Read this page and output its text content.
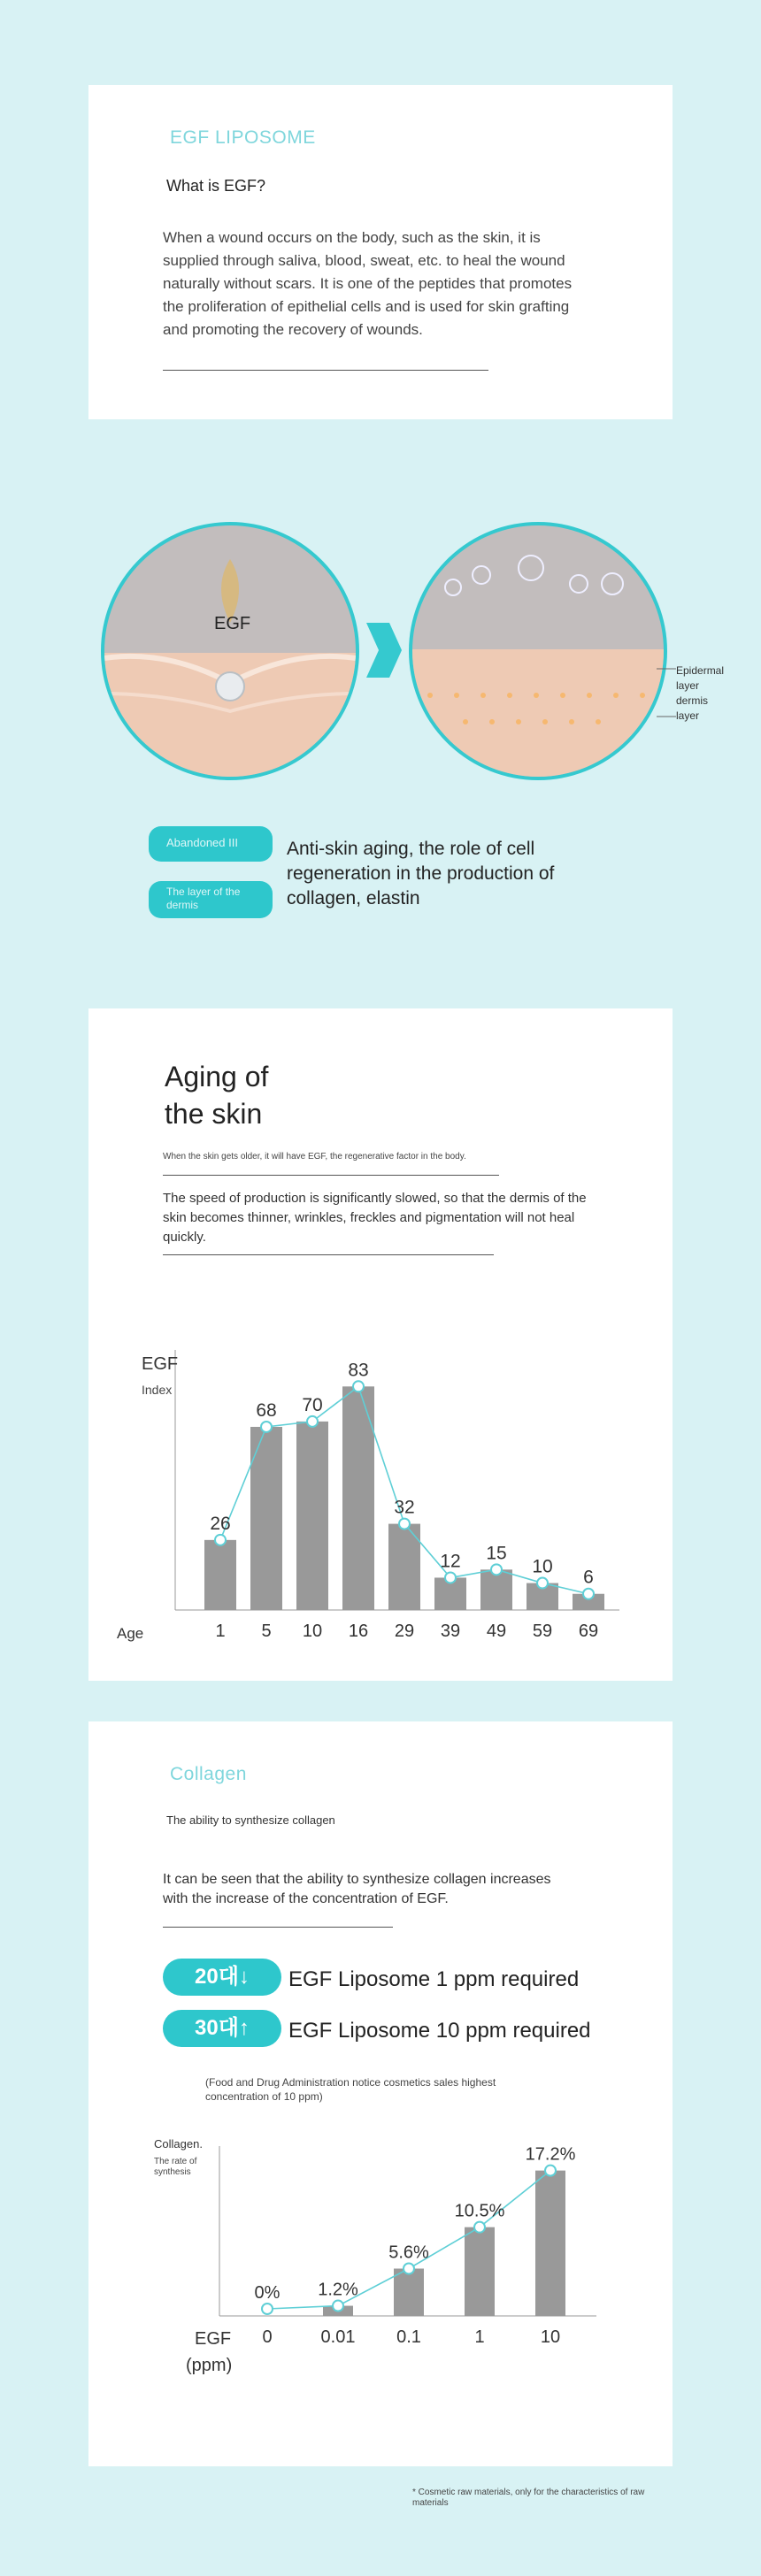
EGF LIPOSOME
What is EGF?
When a wound occurs on the body, such as the skin, it is supplied through saliva, blood, sweat, etc. to heal the wound naturally without scars. It is one of the peptides that promotes the proliferation of epithelial cells and is used for skin grafting and promoting the recovery of wounds.
EGF
Epidermal
layer
dermis
layer
Abandoned III
The layer of the dermis
Anti-skin aging, the role of cell regeneration in the production of collagen, elastin
Aging of
the skin
When the skin gets older, it will have EGF, the regenerative factor in the body.
The speed of production is significantly slowed, so that the dermis of the skin becomes thinner, wrinkles, freckles and pigmentation will not heal quickly.
26
68 70
83
32
12 15
10
6
1 5 10 16 29 39 49 59 69
EGF
Index
Age
Collagen
The ability to synthesize collagen
It can be seen that the ability to synthesize collagen increases with the increase of the concentration of EGF.
20대↓	EGF Liposome 1 ppm required
30대↑	EGF Liposome 10 ppm required
(Food and Drug Administration notice cosmetics sales highest concentration of 10 ppm)
0% 1.2%
5.6%
10.5%
17.2%
0	0.01 0.1	1	10
Collagen.
The rate of synthesis
EGF
(ppm)
* Cosmetic raw materials, only for the characteristics of raw materials
